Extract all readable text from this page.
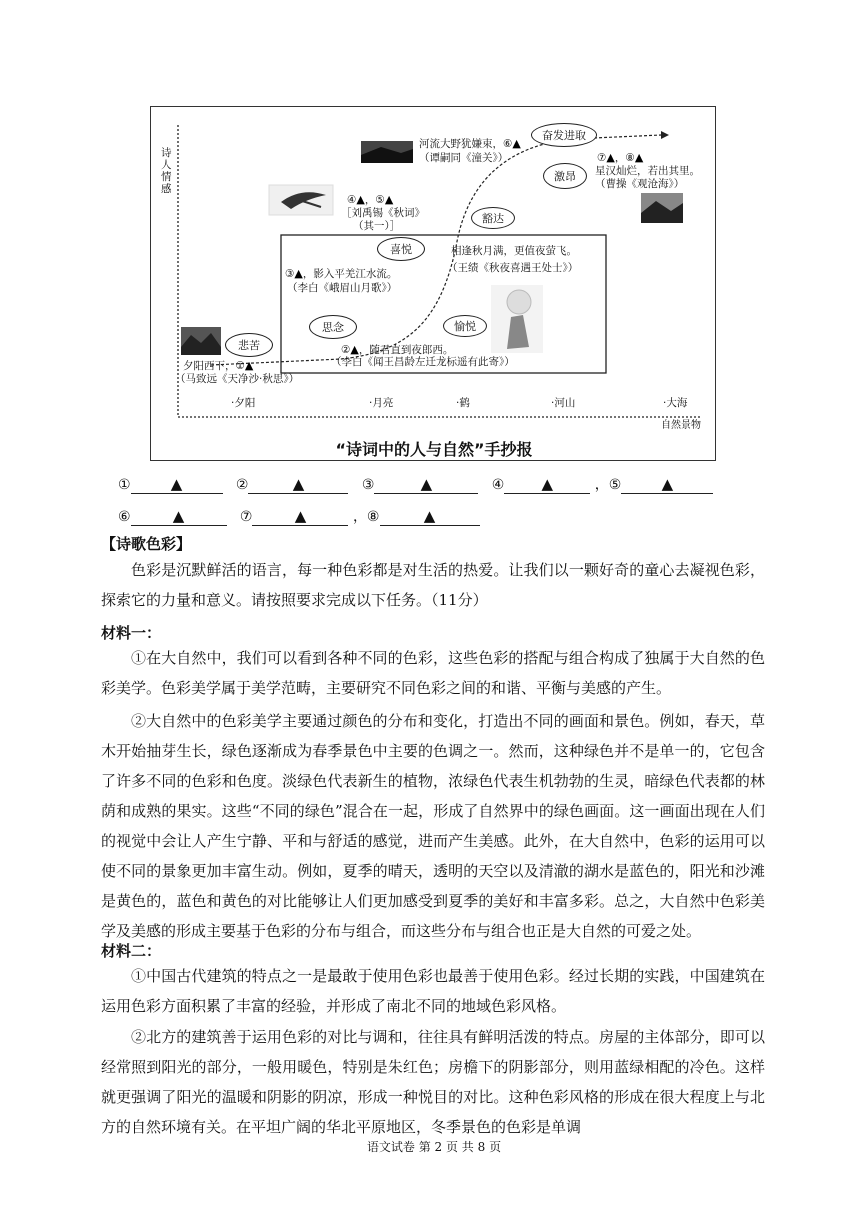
诗人情感
自然景物
·夕阳	·月亮	·鹤	·河山	·大海
悲苦
思念
喜悦
愉悦
豁达
激昂
奋发进取
夕阳西下，①▲
（马致远《天净沙·秋思》）
②▲，随君直到夜郎西。
（李白《闻王昌龄左迁龙标遥有此寄》）
③▲，影入平羌江水流。
（李白《峨眉山月歌》）
④▲，⑤▲
［刘禹锡《秋词》
（其一）］
相逢秋月满，更值夜萤飞。
（王绩《秋夜喜遇王处士》）
河流大野犹嫌束，⑥▲
（谭嗣同《潼关》）	⑦▲，⑧▲
星汉灿烂，若出其里。
（曹操《观沧海》）
“诗词中的人与自然”手抄报
①	▲	②	▲	③	▲	④ ▲	，⑤	▲
⑥	▲	⑦	▲	，⑧	▲
【诗歌色彩】

色彩是沉默鲜活的语言，每一种色彩都是对生活的热爱。让我们以一颗好奇的童心去凝视色彩，探索它的力量和意义。请按照要求完成以下任务。（11分）

材料一：

①在大自然中，我们可以看到各种不同的色彩，这些色彩的搭配与组合构成了独属于大自然的色彩美学。色彩美学属于美学范畴，主要研究不同色彩之间的和谐、平衡与美感的产生。

②大自然中的色彩美学主要通过颜色的分布和变化，打造出不同的画面和景色。例如，春天，草木开始抽芽生长，绿色逐渐成为春季景色中主要的色调之一。然而，这种绿色并不是单一的，它包含了许多不同的色彩和色度。淡绿色代表新生的植物，浓绿色代表生机勃勃的生灵，暗绿色代表都的林荫和成熟的果实。这些“不同的绿色”混合在一起，形成了自然界中的绿色画面。这一画面出现在人们的视觉中会让人产生宁静、平和与舒适的感觉，进而产生美感。此外，在大自然中，色彩的运用可以使不同的景象更加丰富生动。例如，夏季的晴天，透明的天空以及清澈的湖水是蓝色的，阳光和沙滩是黄色的，蓝色和黄色的对比能够让人们更加感受到夏季的美好和丰富多彩。总之，大自然中色彩美学及美感的形成主要基于色彩的分布与组合，而这些分布与组合也正是大自然的可爱之处。

材料二：

①中国古代建筑的特点之一是最敢于使用色彩也最善于使用色彩。经过长期的实践，中国建筑在运用色彩方面积累了丰富的经验，并形成了南北不同的地域色彩风格。

②北方的建筑善于运用色彩的对比与调和，往往具有鲜明活泼的特点。房屋的主体部分，即可以经常照到阳光的部分，一般用暖色，特别是朱红色；房檐下的阴影部分，则用蓝绿相配的冷色。这样就更强调了阳光的温暖和阴影的阴凉，形成一种悦目的对比。这种色彩风格的形成在很大程度上与北方的自然环境有关。在平坦广阔的华北平原地区，冬季景色的色彩是单调

语文试卷 第 2 页 共 8 页
